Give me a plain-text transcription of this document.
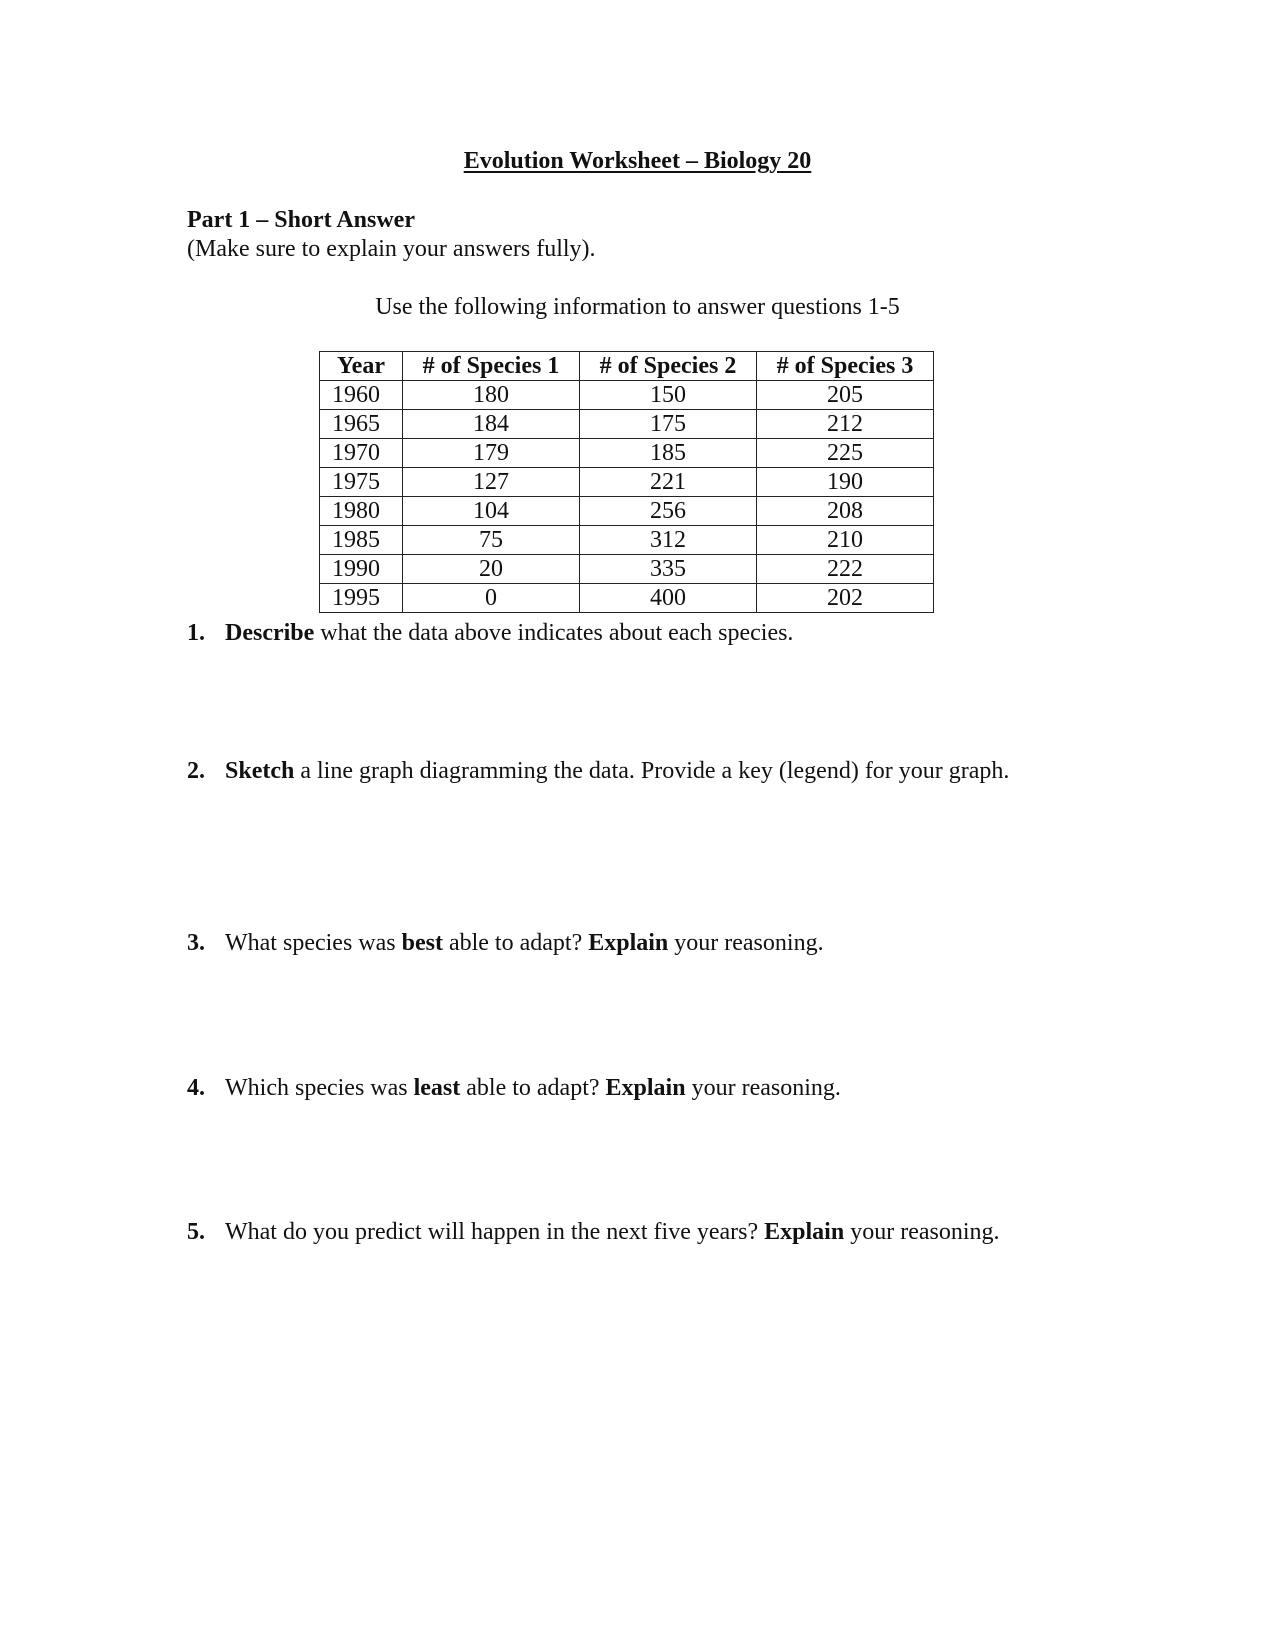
Evolution Worksheet – Biology 20
Part 1 – Short Answer
(Make sure to explain your answers fully).
Use the following information to answer questions 1-5
Year	# of Species 1	# of Species 2	# of Species 3
1960	180	150	205
1965	184	175	212
1970	179	185	225
1975	127	221	190
1980	104	256	208
1985	75	312	210
1990	20	335	222
1995	0	400	202
1. Describe what the data above indicates about each species.
2. Sketch a line graph diagramming the data. Provide a key (legend) for your graph.
3. What species was best able to adapt? Explain your reasoning.
4. Which species was least able to adapt? Explain your reasoning.
5. What do you predict will happen in the next five years? Explain your reasoning.
